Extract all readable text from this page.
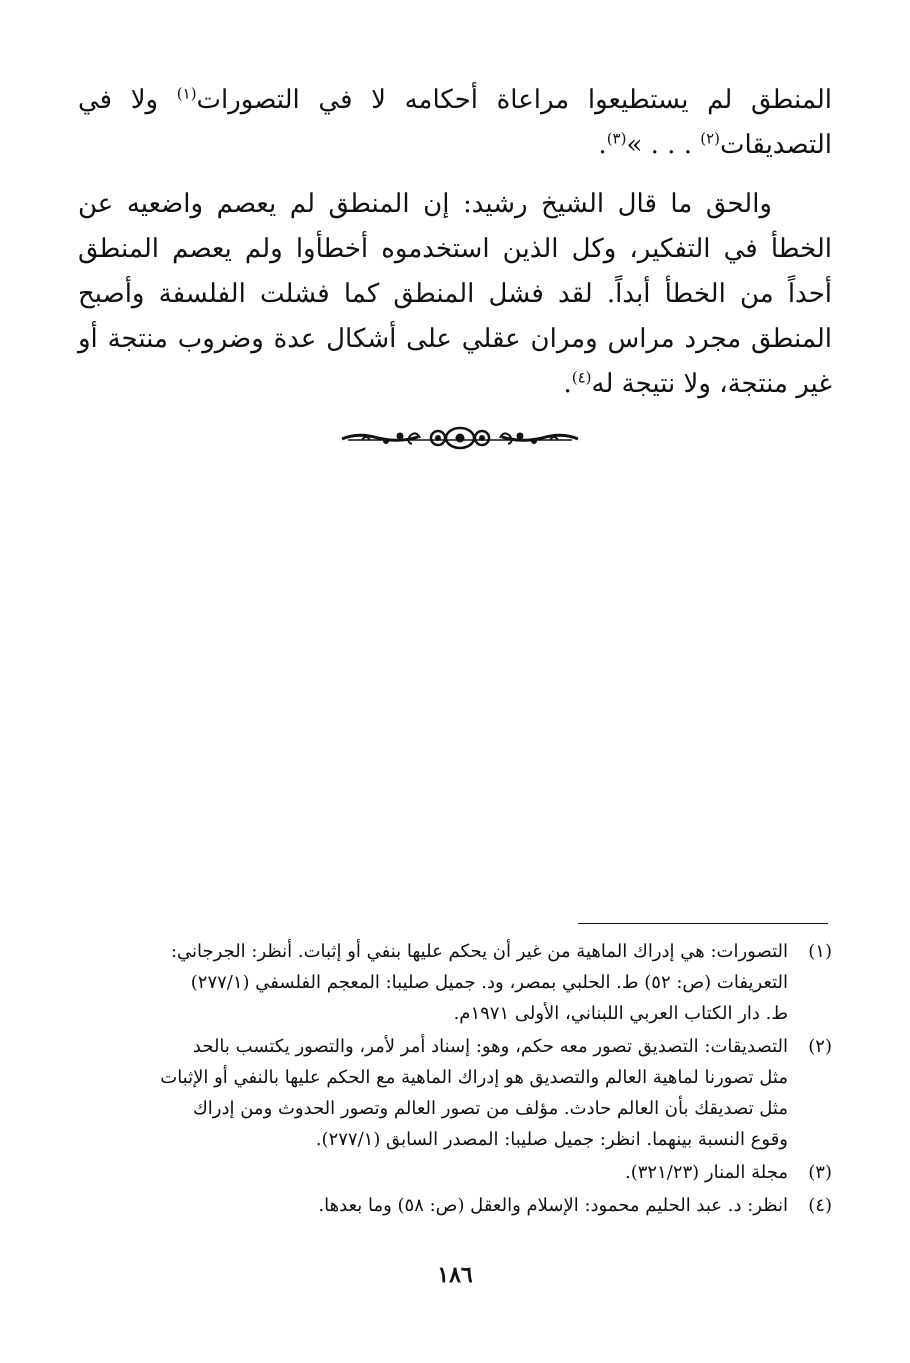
المنطق لم يستطيعوا مراعاة أحكامه لا في التصورات$^{(١)}$ ولا في التصديقات$^{(٢)}$ . . . »$^{(٣)}$.

والحق ما قال الشيخ رشيد: إن المنطق لم يعصم واضعيه عن الخطأ في التفكير، وكل الذين استخدموه أخطأوا ولم يعصم المنطق أحداً من الخطأ أبداً. لقد فشل المنطق كما فشلت الفلسفة وأصبح المنطق مجرد مراس ومران عقلي على أشكال عدة وضروب منتجة أو غير منتجة، ولا نتيجة له$^{(٤)}$.

(١)
التصورات: هي إدراك الماهية من غير أن يحكم عليها بنفي أو إثبات. أنظر: الجرجاني:
التعريفات (ص: ٥٢) ط. الحلبي بمصر، ود. جميل صليبا: المعجم الفلسفي (٢٧٧/١)
ط. دار الكتاب العربي اللبناني، الأولى ١٩٧١م.
(٢)
التصديقات: التصديق تصور معه حكم، وهو: إسناد أمر لأمر، والتصور يكتسب بالحد
مثل تصورنا لماهية العالم والتصديق هو إدراك الماهية مع الحكم عليها بالنفي أو الإثبات
مثل تصديقك بأن العالم حادث. مؤلف من تصور العالم وتصور الحدوث ومن إدراك
وقوع النسبة بينهما. انظر: جميل صليبا: المصدر السابق (٢٧٧/١).
(٣)
مجلة المنار (٣٢١/٢٣).
(٤)
انظر: د. عبد الحليم محمود: الإسلام والعقل (ص: ٥٨) وما بعدها.
١٨٦
